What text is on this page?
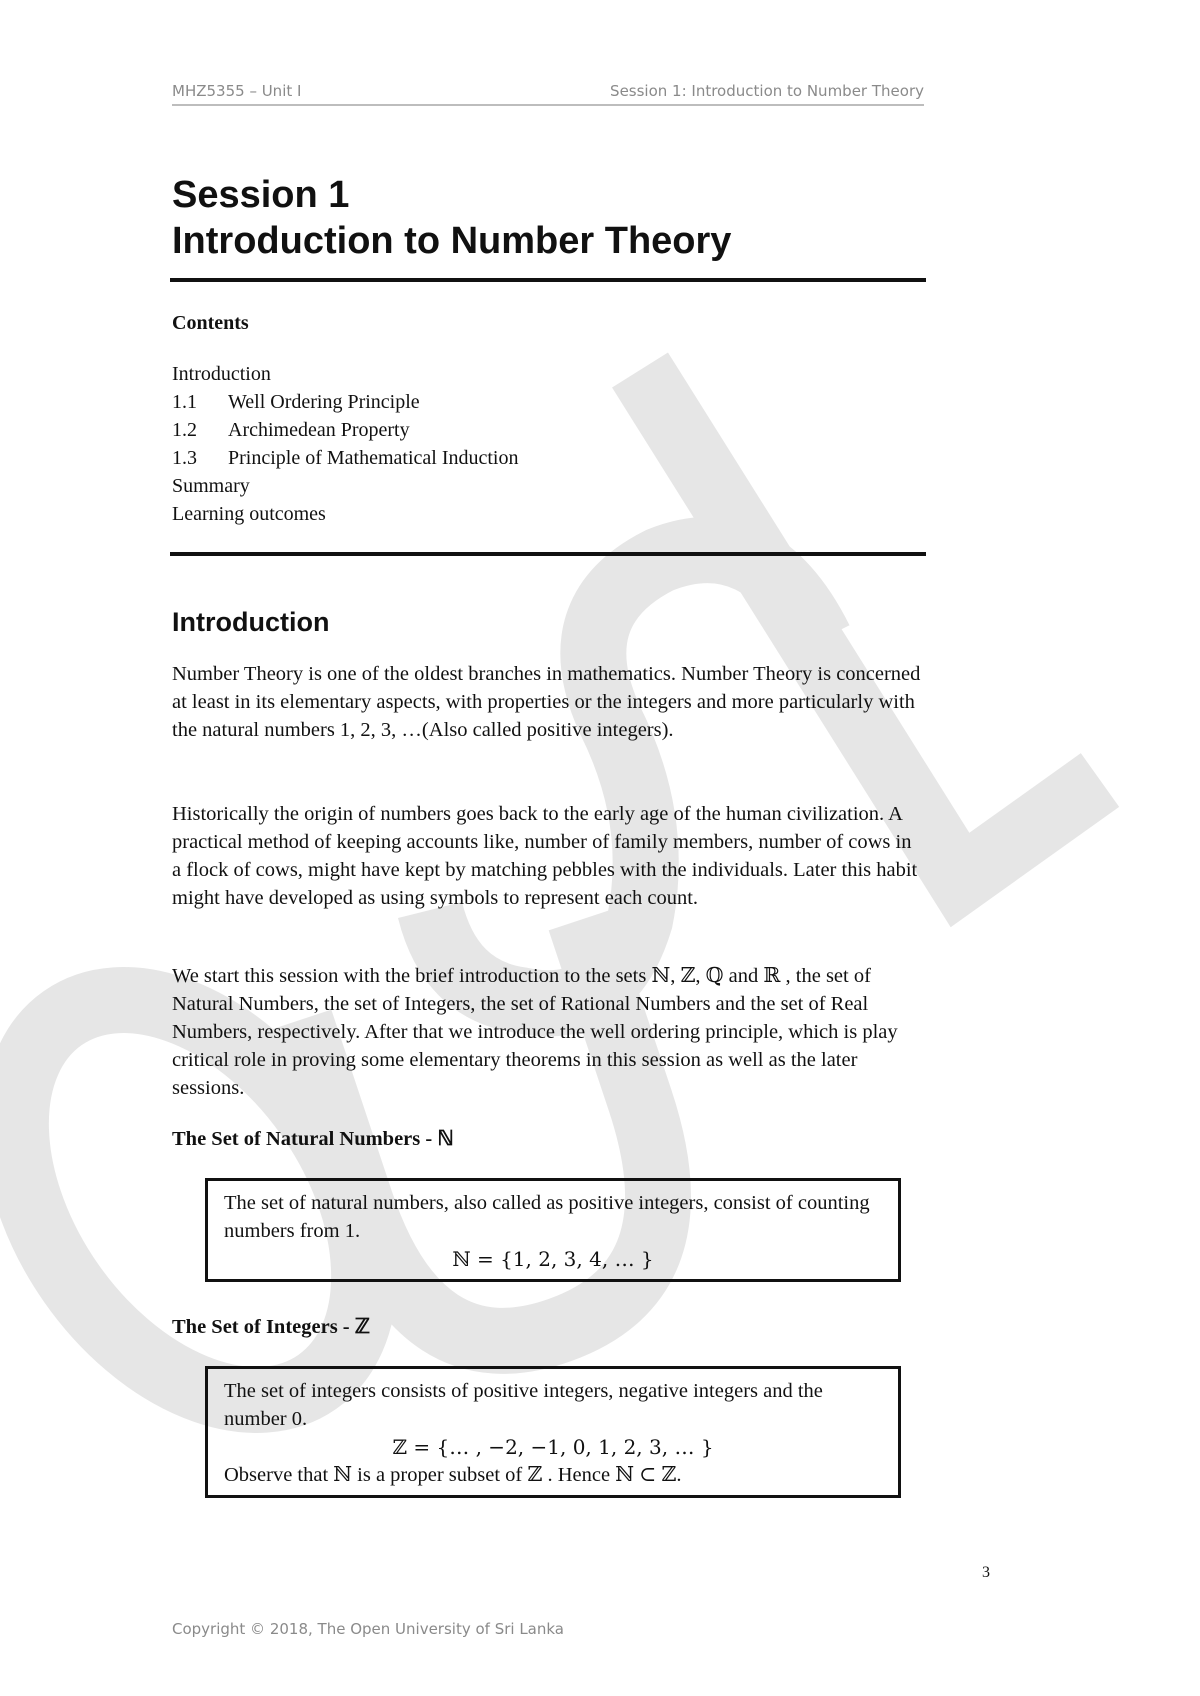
MHZ5355 – Unit I	Session 1: Introduction to Number Theory
Session 1
Introduction to Number Theory
Contents
Introduction
1.1 Well Ordering Principle
1.2 Archimedean Property
1.3 Principle of Mathematical Induction
Summary
Learning outcomes
Introduction

Number Theory is one of the oldest branches in mathematics. Number Theory is concerned at least in its elementary aspects, with properties or the integers and more particularly with the natural numbers 1, 2, 3, …(Also called positive integers).

Historically the origin of numbers goes back to the early age of the human civilization. A practical method of keeping accounts like, number of family members, number of cows in a flock of cows, might have kept by matching pebbles with the individuals. Later this habit might have developed as using symbols to represent each count.

We start this session with the brief introduction to the sets ℕ, ℤ, ℚ and ℝ , the set of Natural Numbers, the set of Integers, the set of Rational Numbers and the set of Real Numbers, respectively. After that we introduce the well ordering principle, which is play critical role in proving some elementary theorems in this session as well as the later sessions.

The Set of Natural Numbers - ℕ
The set of natural numbers, also called as positive integers, consist of counting numbers from 1.
ℕ = {1, 2, 3, 4, … }
The Set of Integers - ℤ
The set of integers consists of positive integers, negative integers and the number 0.
ℤ = {… , −2, −1, 0, 1, 2, 3, … }
Observe that ℕ is a proper subset of ℤ . Hence ℕ ⊂ ℤ.
3
Copyright © 2018, The Open University of Sri Lanka
